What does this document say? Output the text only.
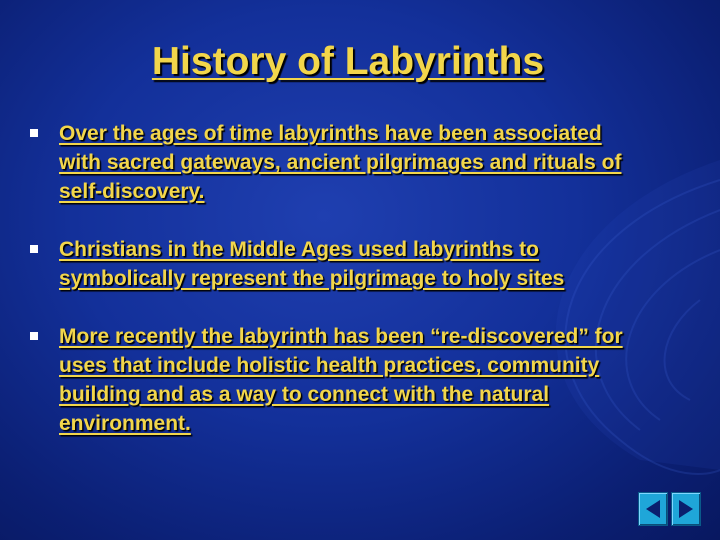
History of Labyrinths
Over the ages of time labyrinths have been associated with sacred gateways, ancient pilgrimages and rituals of self-discovery.
Christians in the Middle Ages used labyrinths to symbolically represent the pilgrimage to holy sites
More recently the labyrinth has been “re-discovered” for uses that include holistic health practices, community building and as a way to connect with the natural environment.
